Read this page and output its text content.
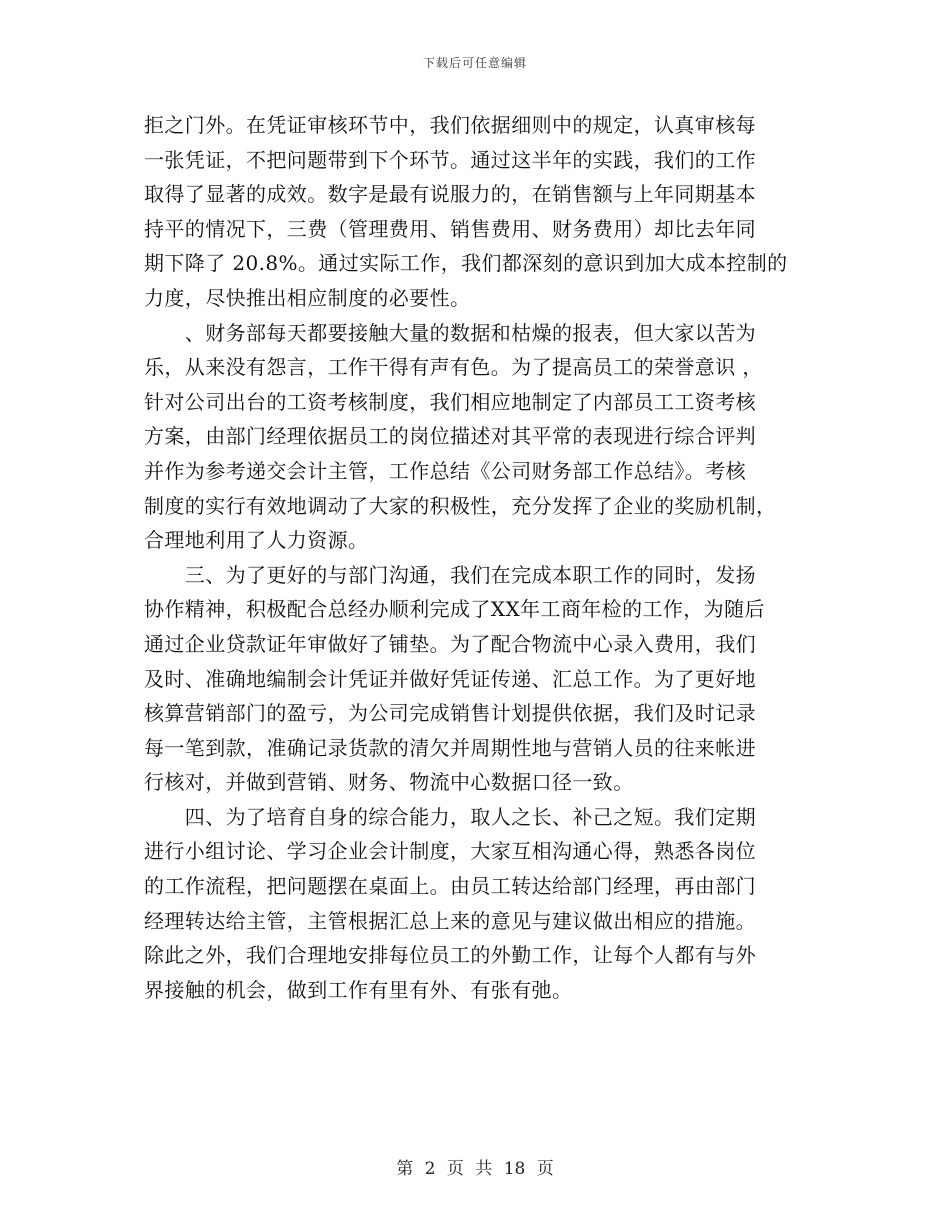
下载后可任意编辑
拒之门外。在凭证审核环节中，我们依据细则中的规定，认真审核每
一张凭证，不把问题带到下个环节。通过这半年的实践，我们的工作
取得了显著的成效。数字是最有说服力的，在销售额与上年同期基本
持平的情况下，三费（管理费用、销售费用、财务费用）却比去年同
期下降了 20.8%。通过实际工作，我们都深刻的意识到加大成本控制的
力度，尽快推出相应制度的必要性。
　　、财务部每天都要接触大量的数据和枯燥的报表，但大家以苦为
乐，从来没有怨言，工作干得有声有色。为了提高员工的荣誉意识 ，
针对公司出台的工资考核制度，我们相应地制定了内部员工工资考核
方案，由部门经理依据员工的岗位描述对其平常的表现进行综合评判
并作为参考递交会计主管，工作总结《公司财务部工作总结》。考核
制度的实行有效地调动了大家的积极性，充分发挥了企业的奖励机制，
合理地利用了人力资源。
　　三、为了更好的与部门沟通，我们在完成本职工作的同时，发扬
协作精神，积极配合总经办顺利完成了XX年工商年检的工作，为随后
通过企业贷款证年审做好了铺垫。为了配合物流中心录入费用，我们
及时、准确地编制会计凭证并做好凭证传递、汇总工作。为了更好地
核算营销部门的盈亏，为公司完成销售计划提供依据，我们及时记录
每一笔到款，准确记录货款的清欠并周期性地与营销人员的往来帐进
行核对，并做到营销、财务、物流中心数据口径一致。
　　四、为了培育自身的综合能力，取人之长、补己之短。我们定期
进行小组讨论、学习企业会计制度，大家互相沟通心得，熟悉各岗位
的工作流程，把问题摆在桌面上。由员工转达给部门经理，再由部门
经理转达给主管，主管根据汇总上来的意见与建议做出相应的措施。
除此之外，我们合理地安排每位员工的外勤工作，让每个人都有与外
界接触的机会，做到工作有里有外、有张有弛。
第 2 页 共 18 页
